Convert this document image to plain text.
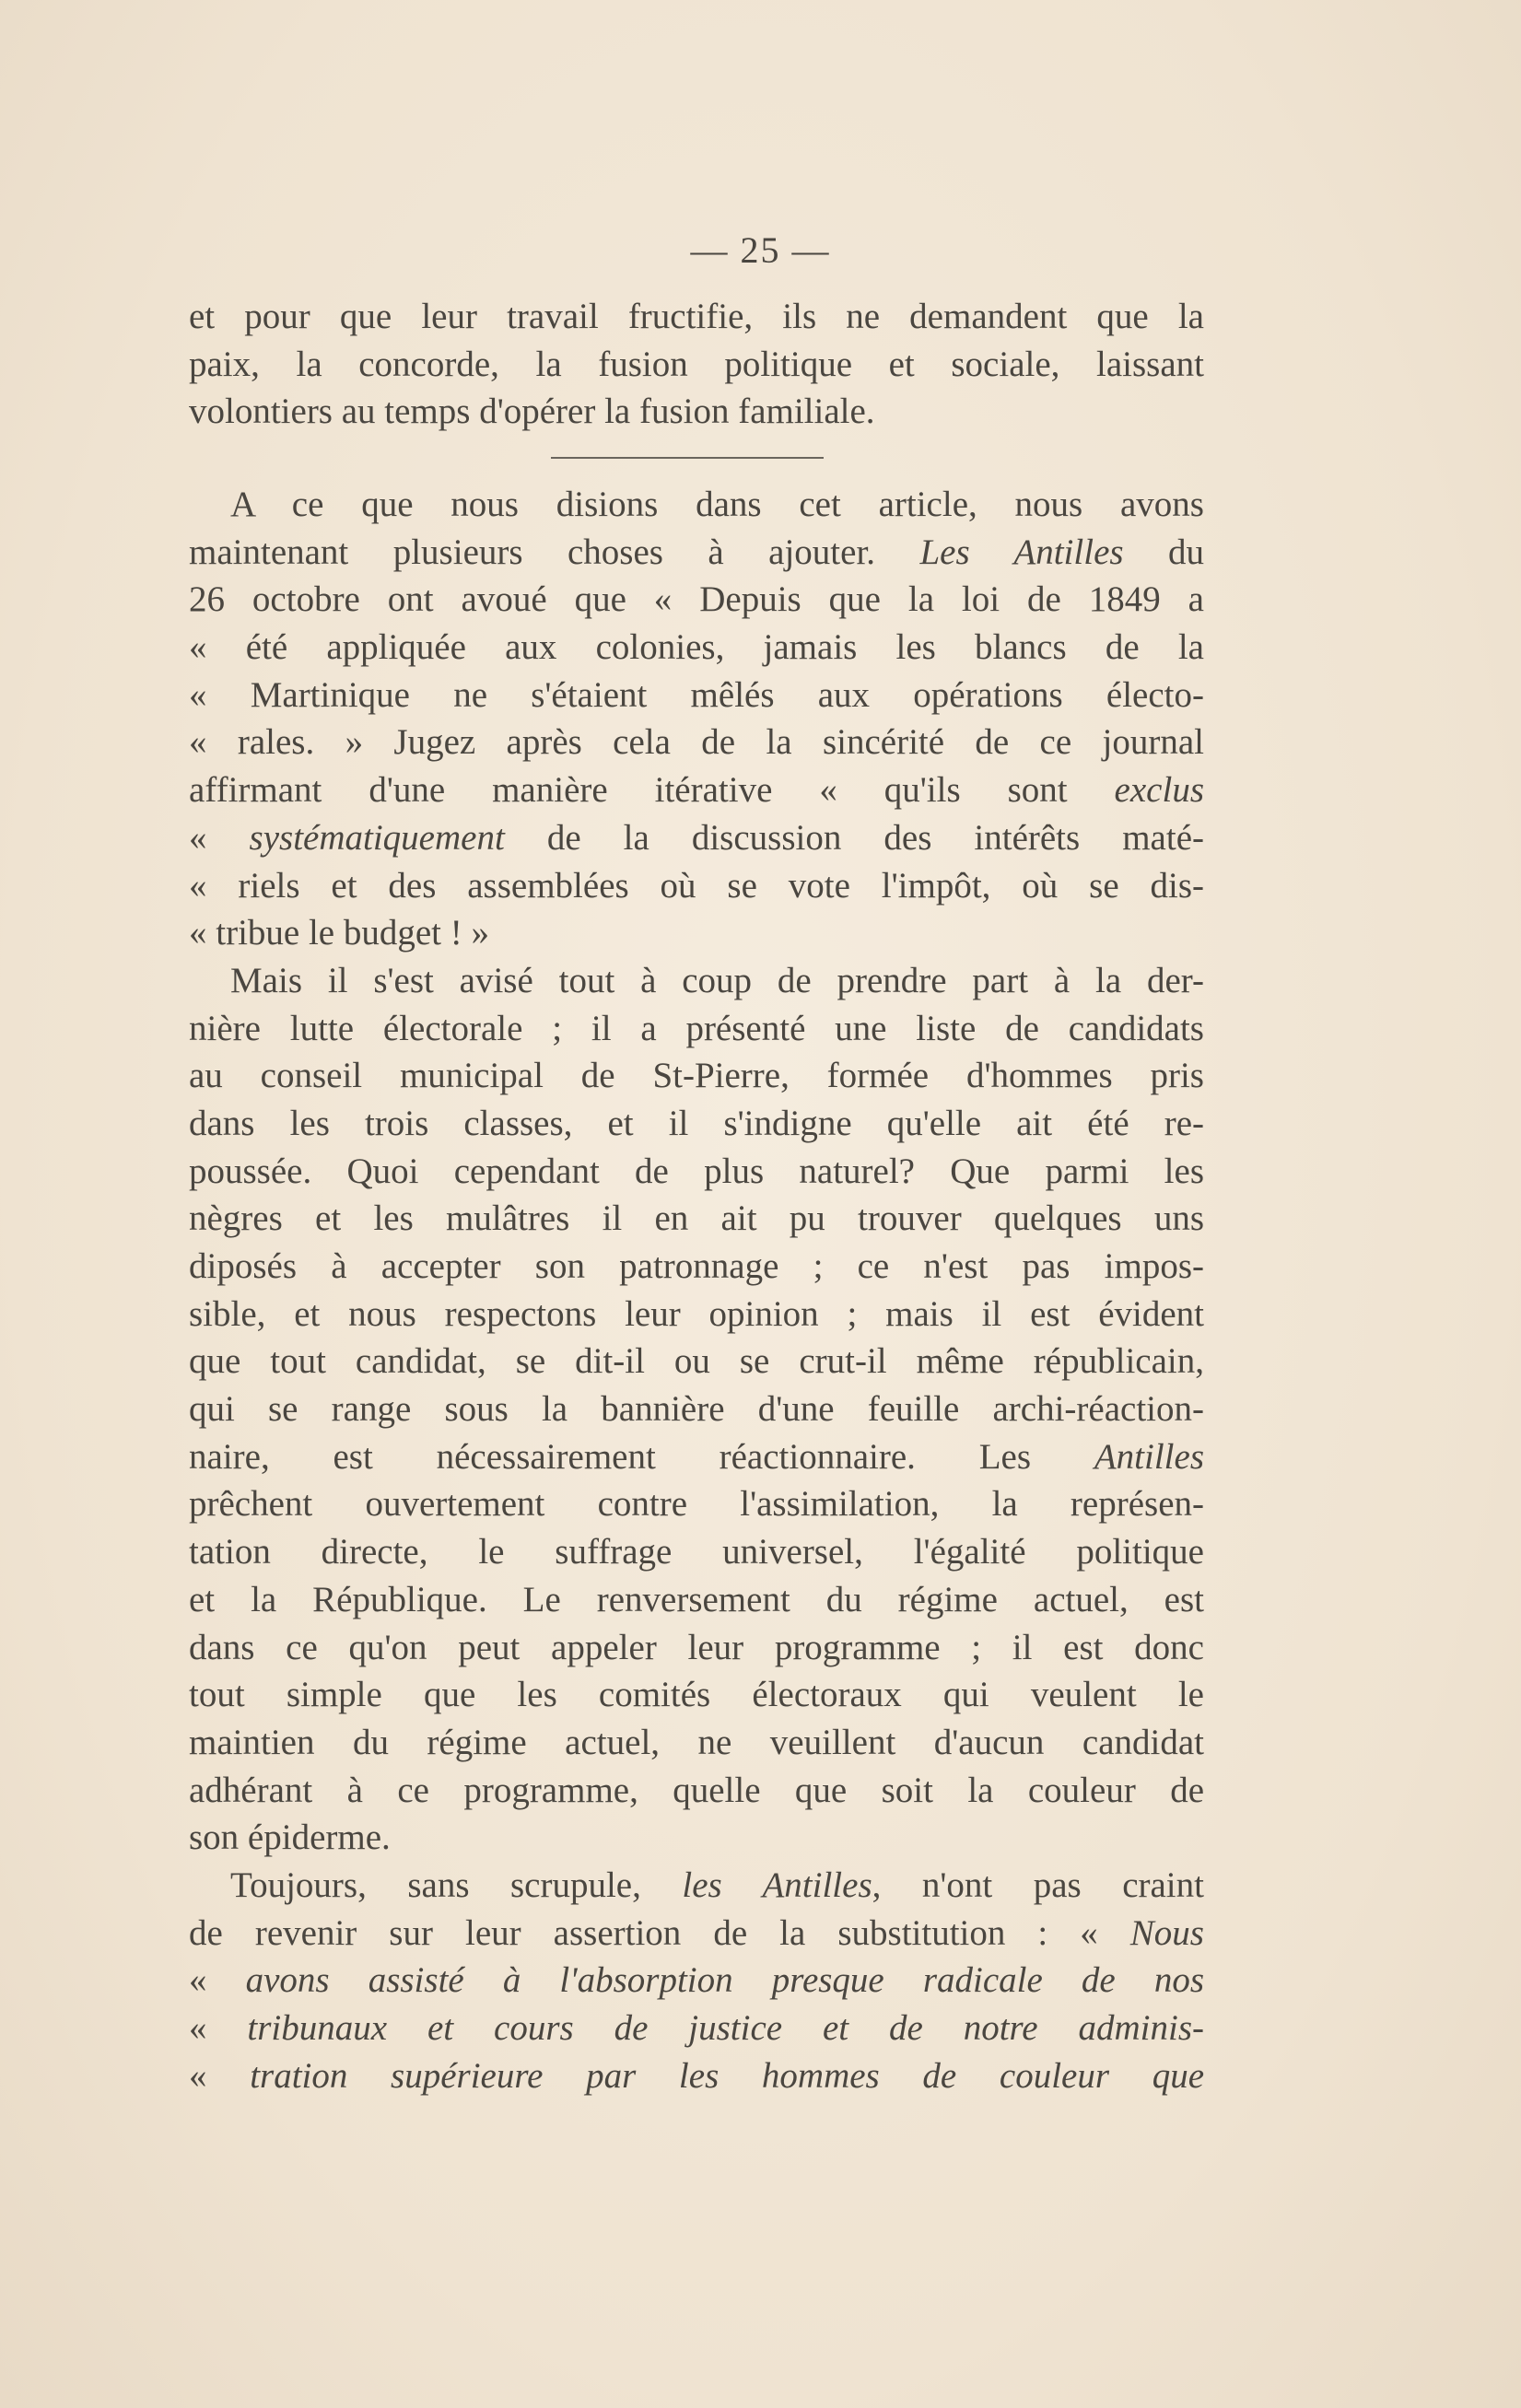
— 25 —
et pour que leur travail fructifie, ils ne demandent que la
paix, la concorde, la fusion politique et sociale, laissant
volontiers au temps d'opérer la fusion familiale.
A ce que nous disions dans cet article, nous avons
maintenant plusieurs choses à ajouter. Les Antilles du
26 octobre ont avoué que « Depuis que la loi de 1849 a
« été appliquée aux colonies, jamais les blancs de la
« Martinique ne s'étaient mêlés aux opérations électo-
« rales. » Jugez après cela de la sincérité de ce journal
affirmant d'une manière itérative « qu'ils sont exclus
« systématiquement de la discussion des intérêts maté-
« riels et des assemblées où se vote l'impôt, où se dis-
« tribue le budget ! »
Mais il s'est avisé tout à coup de prendre part à la der-
nière lutte électorale ; il a présenté une liste de candidats
au conseil municipal de St-Pierre, formée d'hommes pris
dans les trois classes, et il s'indigne qu'elle ait été re-
poussée. Quoi cependant de plus naturel? Que parmi les
nègres et les mulâtres il en ait pu trouver quelques uns
diposés à accepter son patronnage ; ce n'est pas impos-
sible, et nous respectons leur opinion ; mais il est évident
que tout candidat, se dit-il ou se crut-il même républicain,
qui se range sous la bannière d'une feuille archi-réaction-
naire, est nécessairement réactionnaire. Les Antilles
prêchent ouvertement contre l'assimilation, la représen-
tation directe, le suffrage universel, l'égalité politique
et la République. Le renversement du régime actuel, est
dans ce qu'on peut appeler leur programme ; il est donc
tout simple que les comités électoraux qui veulent le
maintien du régime actuel, ne veuillent d'aucun candidat
adhérant à ce programme, quelle que soit la couleur de
son épiderme.
Toujours, sans scrupule, les Antilles, n'ont pas craint
de revenir sur leur assertion de la substitution : « Nous
« avons assisté à l'absorption presque radicale de nos
« tribunaux et cours de justice et de notre adminis-
« tration supérieure par les hommes de couleur que
